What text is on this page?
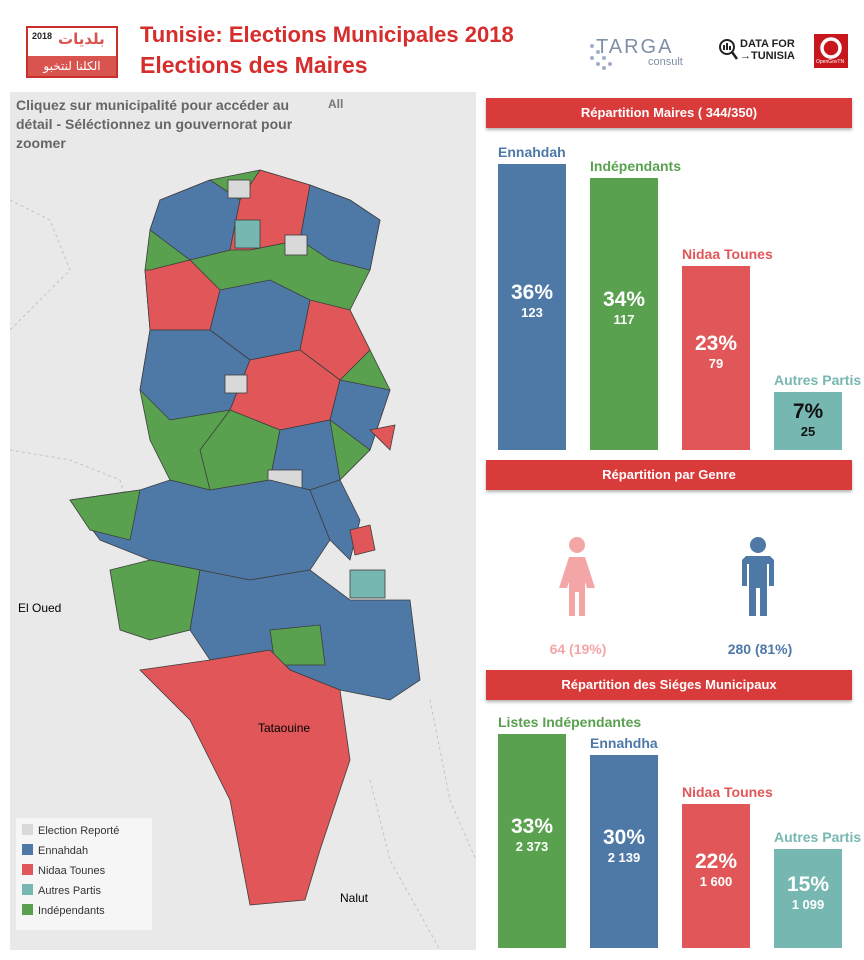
2018 بلديات
الكلنا لنتخبو
Tunisie: Elections Municipales 2018
Elections des Maires
TARGA
consult
DATA FOR
→TUNISIA	OpenGovTN
Cliquez sur municipalité pour accéder au détail - Séléctionnez un gouvernorat pour zoomer
All
El Oued
Tataouine
Nalut
Election Reporté
Ennahdah
Nidaa Tounes
Autres Partis
Indépendants
Répartition Maires ( 344/350)
Ennahdah
36%
123
Indépendants
34%
117
Nidaa Tounes
23%
79
Autres Partis
7%
25
Répartition par Genre
64 (19%)	280 (81%)
Répartition des Siéges Municipaux
Listes Indépendantes
33%
2 373
Ennahdha
30%
2 139
Nidaa Tounes
22%
1 600
Autres Partis
15%
1 099
